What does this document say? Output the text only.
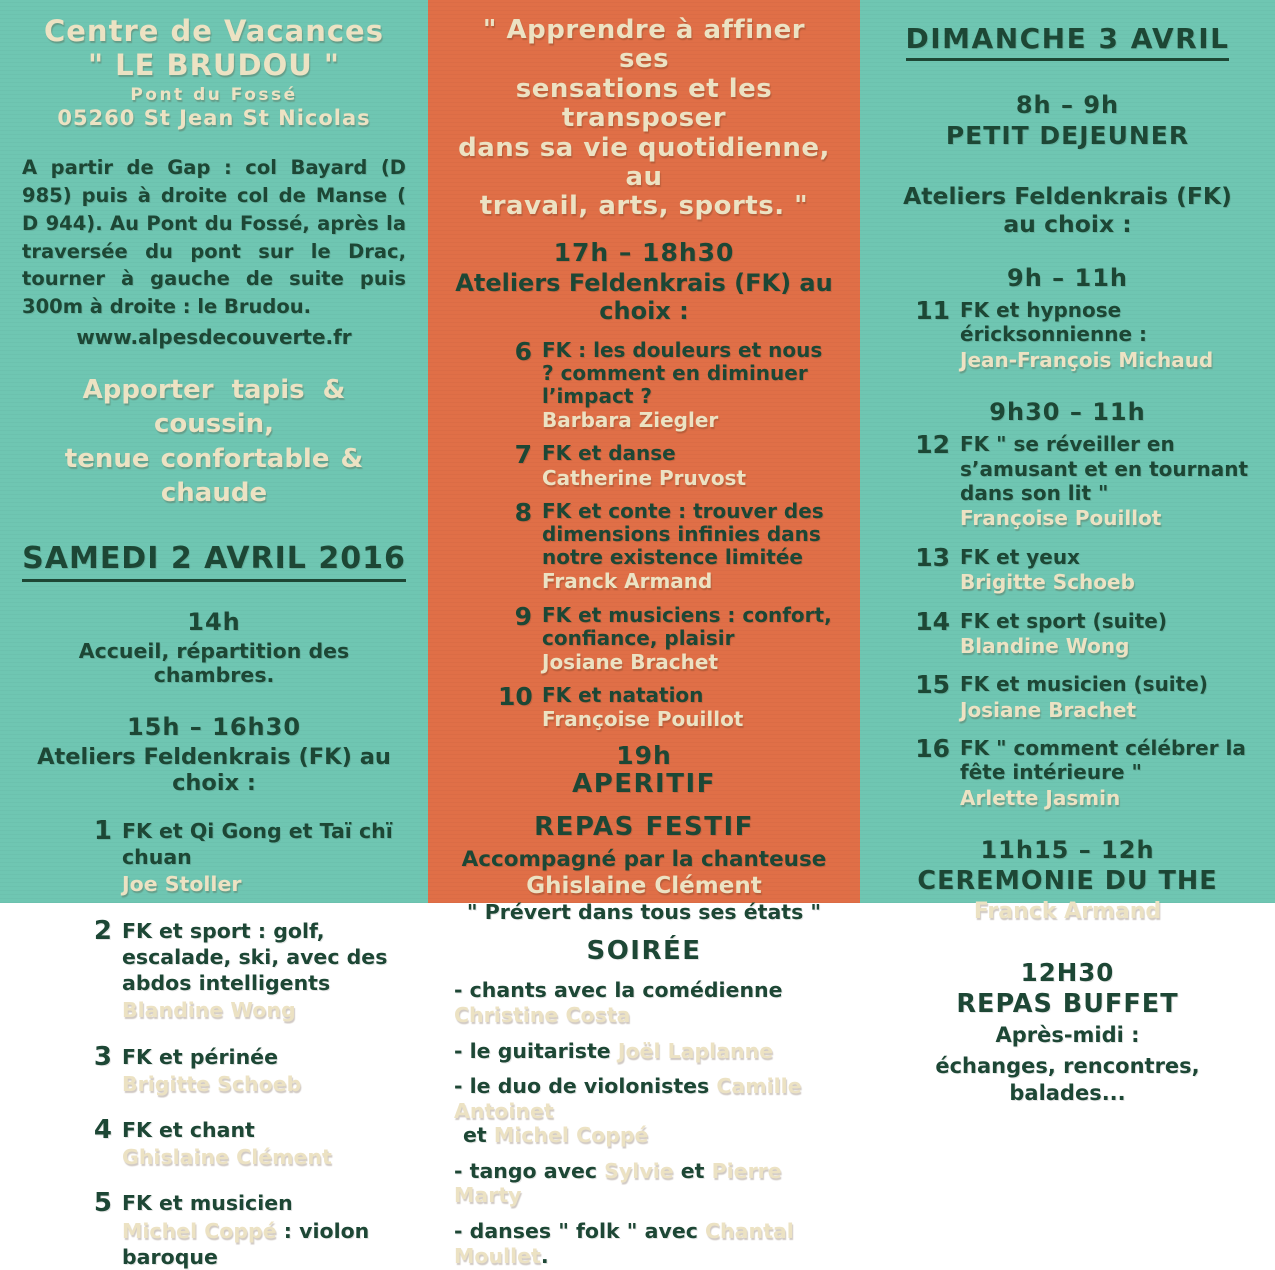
Centre de Vacances
" LE BRUDOU "
Pont du Fossé
05260 St Jean St Nicolas

A partir de Gap : col Bayard (D 985) puis à droite col de Manse ( D 944). Au Pont du Fossé, après la traversée du pont sur le Drac, tourner à gauche de suite puis 300m à droite : le Brudou.

www.alpesdecouverte.fr
Apporter tapis & coussin,
tenue confortable & chaude
SAMEDI 2 AVRIL 2016
14h
Accueil, répartition des chambres.
15h – 16h30
Ateliers Feldenkrais (FK) au choix :
1 FK et Qi Gong et Taï chï chuan
Joe Stoller
2 FK et sport : golf, escalade, ski, avec des abdos intelligents
Blandine Wong
3 FK et périnée
Brigitte Schoeb
4 FK et chant
Ghislaine Clément
5 FK et musicien
Michel Coppé : violon baroque
" Apprendre à affiner ses
sensations et les transposer
dans sa vie quotidienne, au
travail, arts, sports. "
17h – 18h30
Ateliers Feldenkrais (FK) au choix :
6 FK : les douleurs et nous ? comment en diminuer l’impact ?
Barbara Ziegler
7 FK et danse
Catherine Pruvost
8 FK et conte : trouver des dimensions infinies dans notre existence limitée
Franck Armand
9 FK et musiciens : confort, confiance, plaisir
Josiane Brachet
10 FK et natation
Françoise Pouillot
19h
APERITIF
REPAS FESTIF
Accompagné par la chanteuse
Ghislaine Clément
" Prévert dans tous ses états "
SOIRÉE
- chants avec la comédienne Christine Costa
- le guitariste Joël Laplanne
- le duo de violonistes Camille Antoinet
et Michel Coppé
- tango avec Sylvie et Pierre Marty
- danses " folk " avec Chantal Moullet.
DIMANCHE 3 AVRIL
8h – 9h
PETIT DEJEUNER
Ateliers Feldenkrais (FK) au choix :
9h – 11h
11 FK et hypnose éricksonnienne :
Jean-François Michaud
9h30 – 11h
12 FK " se réveiller en s’amusant et en tournant dans son lit "
Françoise Pouillot
13 FK et yeux
Brigitte Schoeb
14 FK et sport (suite)
Blandine Wong
15 FK et musicien (suite)
Josiane Brachet
16 FK " comment célébrer la fête intérieure "
Arlette Jasmin
11h15 – 12h
CEREMONIE DU THE
Franck Armand
12H30
REPAS BUFFET
Après-midi :
échanges, rencontres, balades...
